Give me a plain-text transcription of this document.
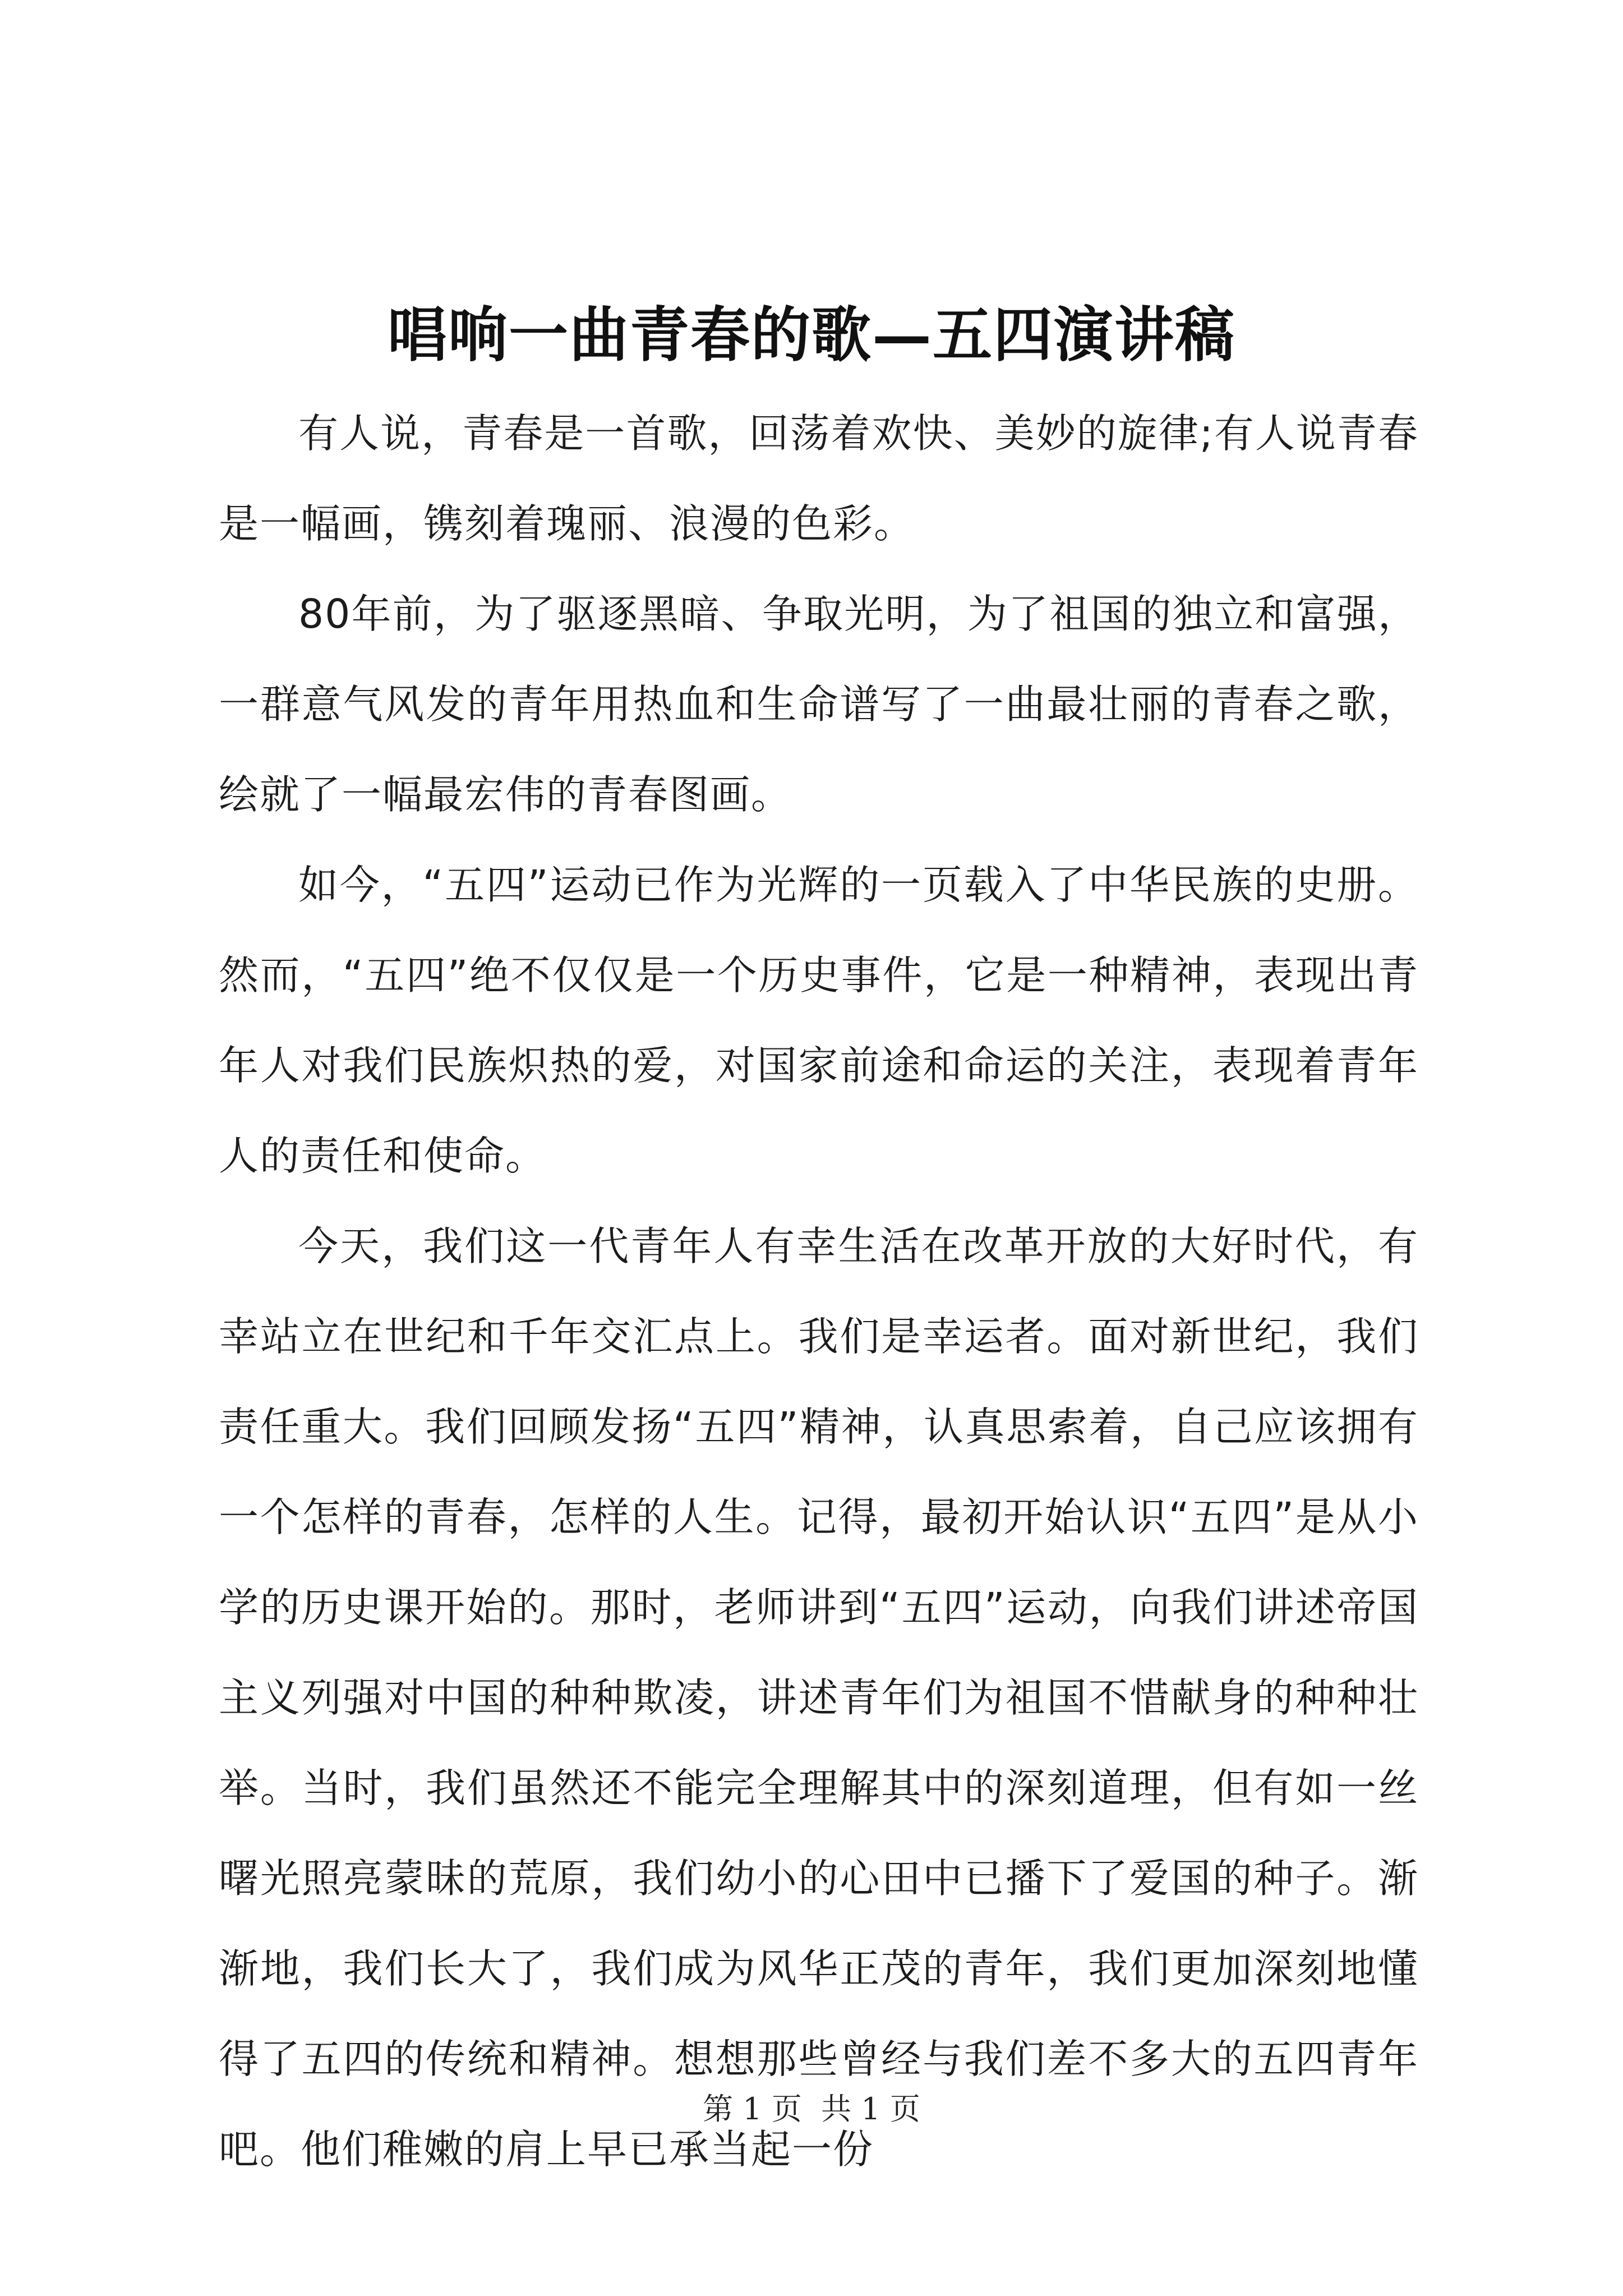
唱响一曲青春的歌—五四演讲稿

有人说，青春是一首歌，回荡着欢快、美妙的旋律;有人说青春是一幅画，镌刻着瑰丽、浪漫的色彩。

80年前，为了驱逐黑暗、争取光明，为了祖国的独立和富强，一群意气风发的青年用热血和生命谱写了一曲最壮丽的青春之歌，绘就了一幅最宏伟的青春图画。

如今，“五四”运动已作为光辉的一页载入了中华民族的史册。然而，“五四”绝不仅仅是一个历史事件，它是一种精神，表现出青年人对我们民族炽热的爱，对国家前途和命运的关注，表现着青年人的责任和使命。

今天，我们这一代青年人有幸生活在改革开放的大好时代，有幸站立在世纪和千年交汇点上。我们是幸运者。面对新世纪，我们责任重大。我们回顾发扬“五四”精神，认真思索着，自己应该拥有一个怎样的青春，怎样的人生。记得，最初开始认识“五四”是从小学的历史课开始的。那时，老师讲到“五四”运动，向我们讲述帝国主义列强对中国的种种欺凌，讲述青年们为祖国不惜献身的种种壮举。当时，我们虽然还不能完全理解其中的深刻道理，但有如一丝曙光照亮蒙昧的荒原，我们幼小的心田中已播下了爱国的种子。渐渐地，我们长大了，我们成为风华正茂的青年，我们更加深刻地懂得了五四的传统和精神。想想那些曾经与我们差不多大的五四青年吧。他们稚嫩的肩上早已承当起一份

第 1 页  共 1 页
